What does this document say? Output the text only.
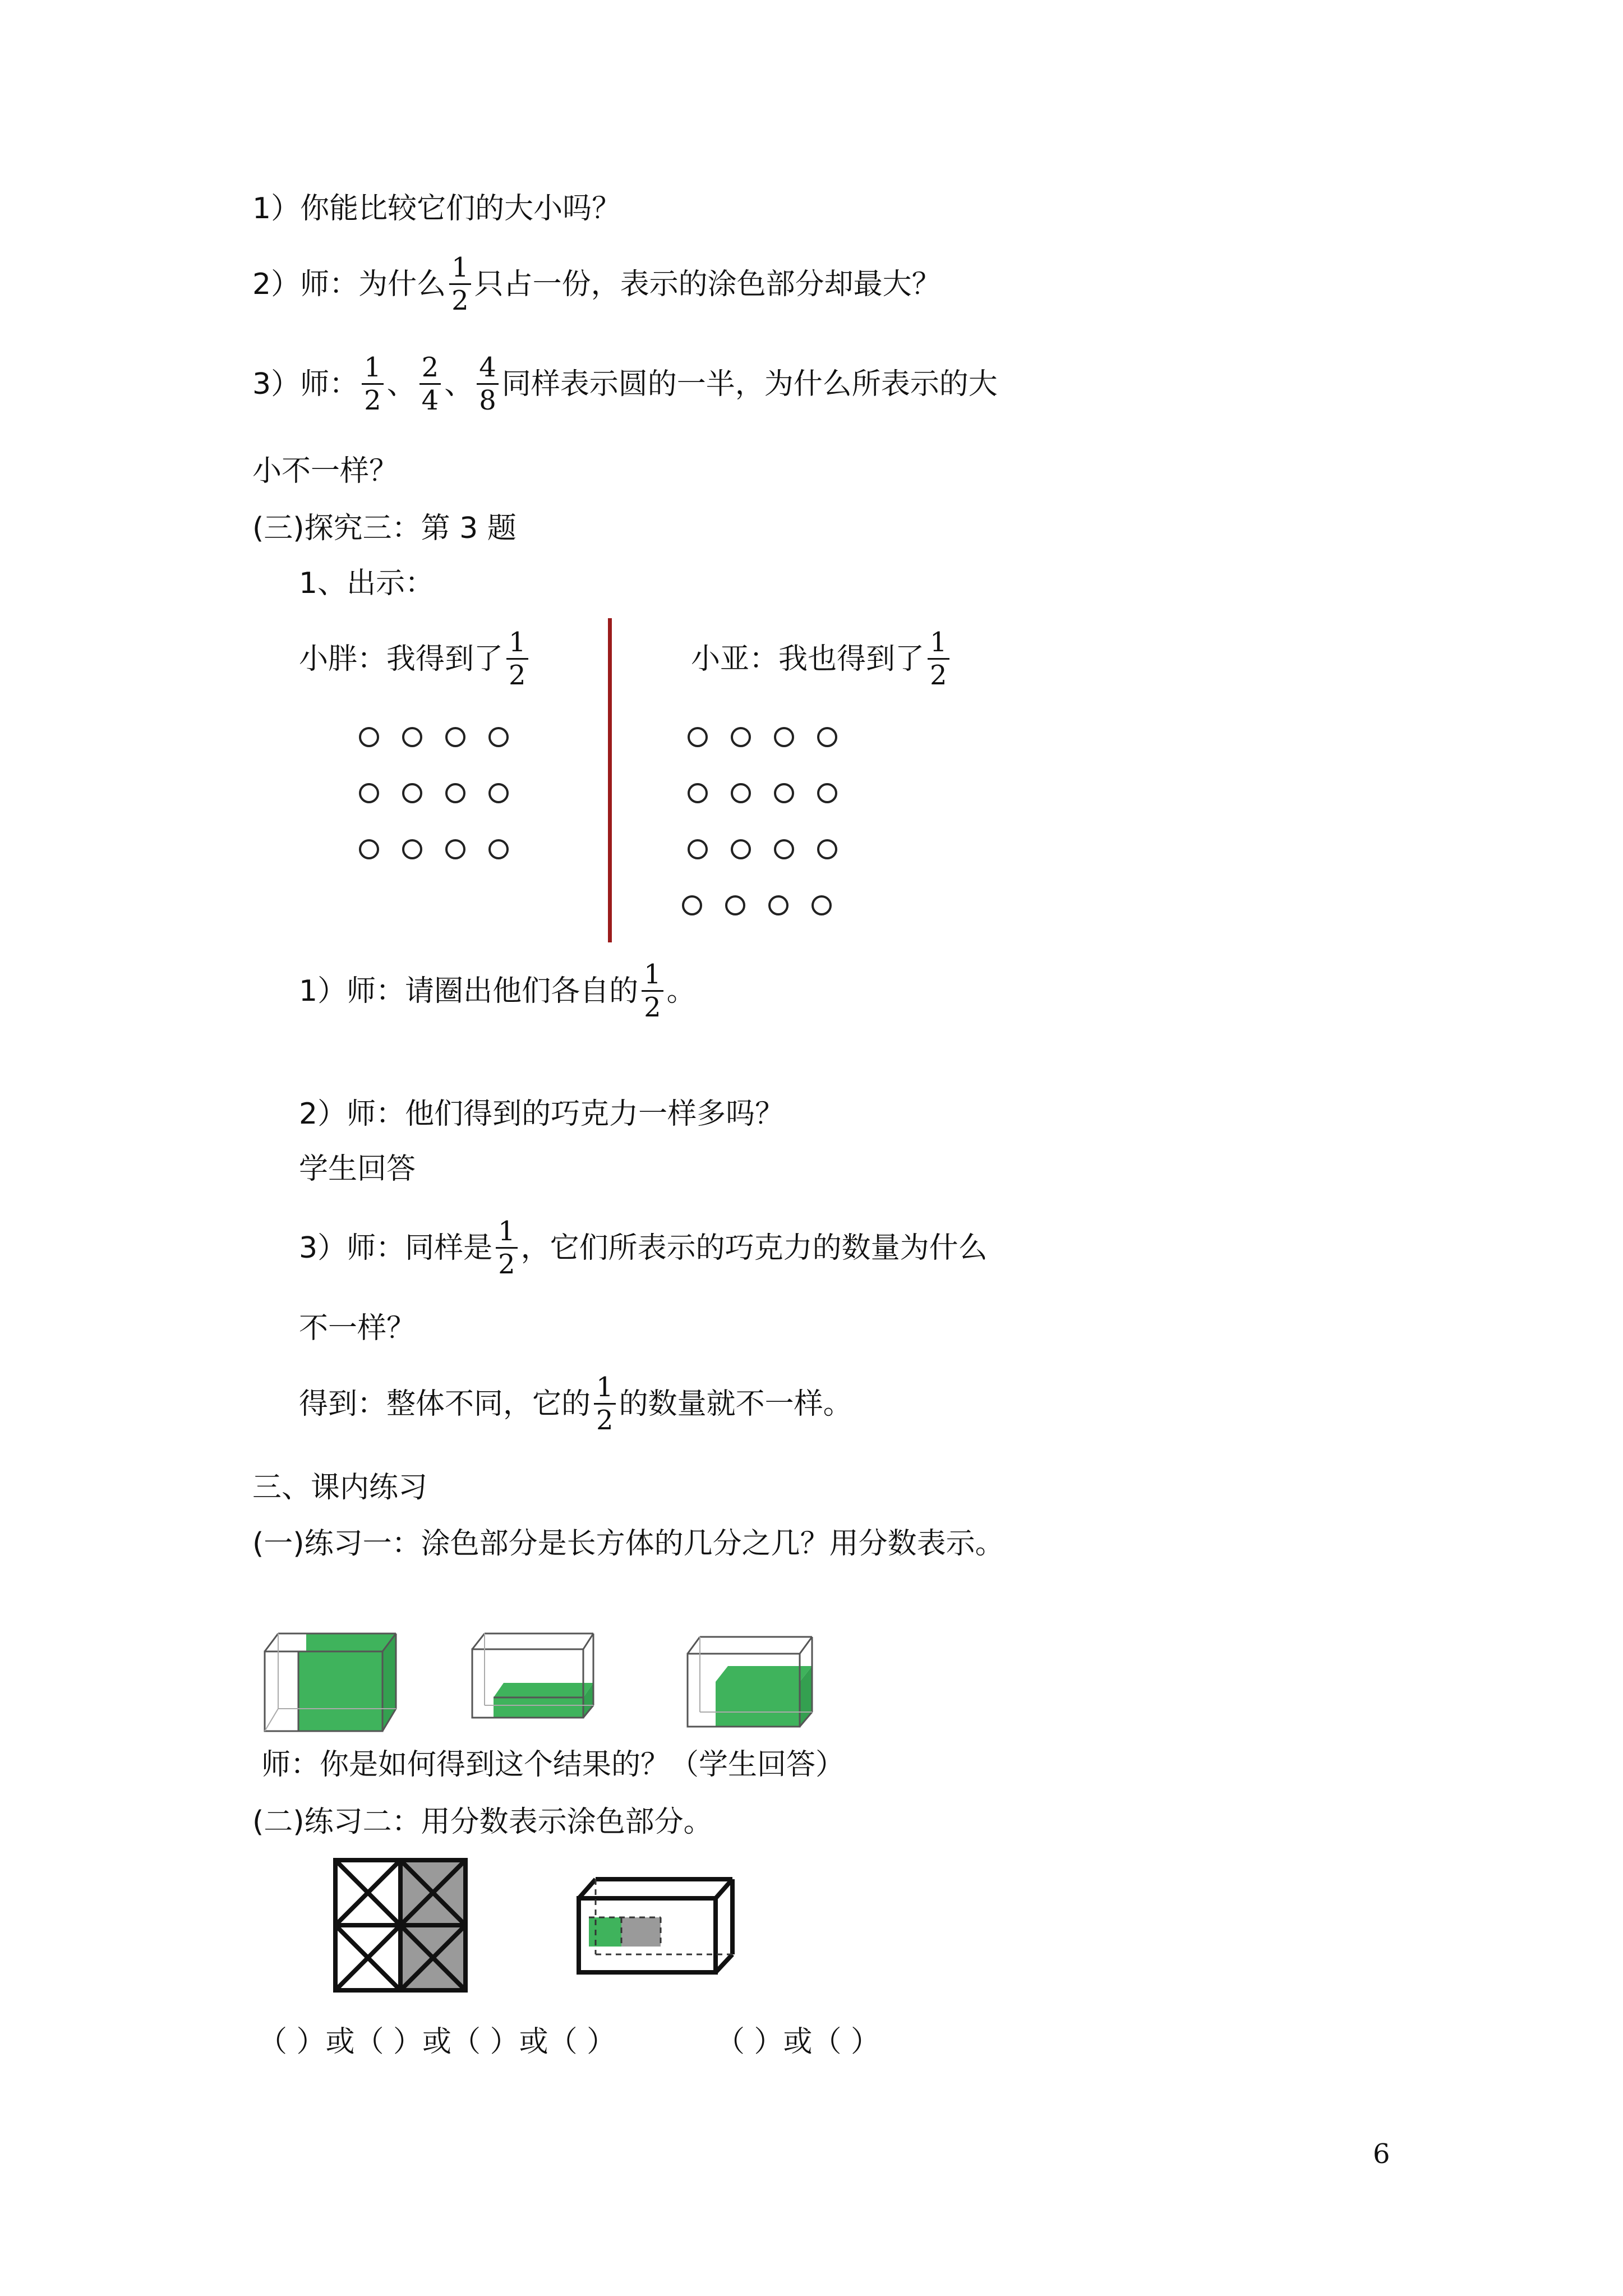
1）你能比较它们的大小吗？
2）师：为什么 $\frac{1}{2}$ 只占一份，表示的涂色部分却最大？
3）师： $\frac{1}{2}$ 、 $\frac{2}{4}$ 、 $\frac{4}{8}$ 同样表示圆的一半，为什么所表示的大
小不一样？
(三)探究三：第 3 题
1、出示：
小胖：我得到了 $\frac{1}{2}$	小亚：我也得到了 $\frac{1}{2}$
1）师：请圈出他们各自的 $\frac{1}{2}$ 。
2）师：他们得到的巧克力一样多吗？
学生回答
3）师：同样是 $\frac{1}{2}$ ，它们所表示的巧克力的数量为什么
不一样？
得到：整体不同，它的 $\frac{1}{2}$ 的数量就不一样。
三、课内练习
(一)练习一：涂色部分是长方体的几分之几？用分数表示。
师：你是如何得到这个结果的？（学生回答）
(二)练习二：用分数表示涂色部分。
（ ）或（ ）或（ ）或（ ）	（ ）或（ ）
6
